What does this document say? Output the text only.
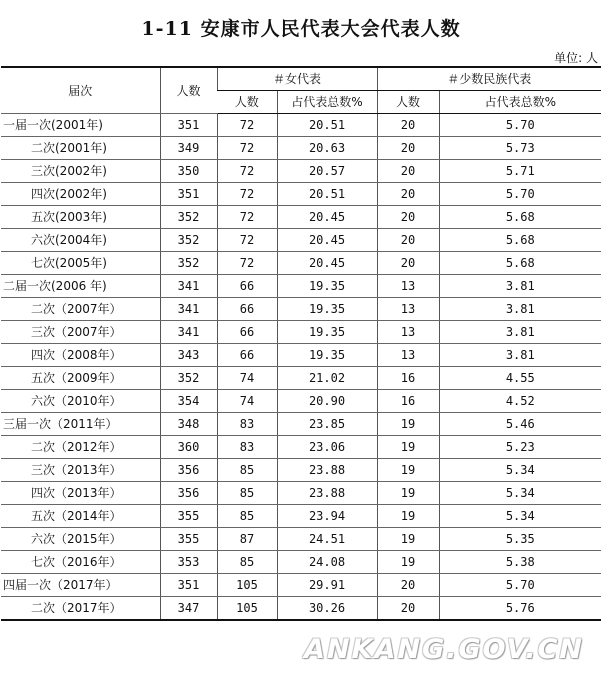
1-11 安康市人民代表大会代表人数
单位: 人
届次	人数	＃女代表		＃少数民族代表	
		人数	占代表总数%	人数	占代表总数%
一届一次(2001年)	351	72	20.51	20	5.70
二次(2001年)	349	72	20.63	20	5.73
三次(2002年)	350	72	20.57	20	5.71
四次(2002年)	351	72	20.51	20	5.70
五次(2003年)	352	72	20.45	20	5.68
六次(2004年)	352	72	20.45	20	5.68
七次(2005年)	352	72	20.45	20	5.68
二届一次(2006 年)	341	66	19.35	13	3.81
二次（2007年）	341	66	19.35	13	3.81
三次（2007年）	341	66	19.35	13	3.81
四次（2008年）	343	66	19.35	13	3.81
五次（2009年）	352	74	21.02	16	4.55
六次（2010年）	354	74	20.90	16	4.52
三届一次（2011年）	348	83	23.85	19	5.46
二次（2012年）	360	83	23.06	19	5.23
三次（2013年）	356	85	23.88	19	5.34
四次（2013年）	356	85	23.88	19	5.34
五次（2014年）	355	85	23.94	19	5.34
六次（2015年）	355	87	24.51	19	5.35
七次（2016年）	353	85	24.08	19	5.38
四届一次（2017年）	351	105	29.91	20	5.70
二次（2017年）	347	105	30.26	20	5.76
ANKANG.GOV.CN
